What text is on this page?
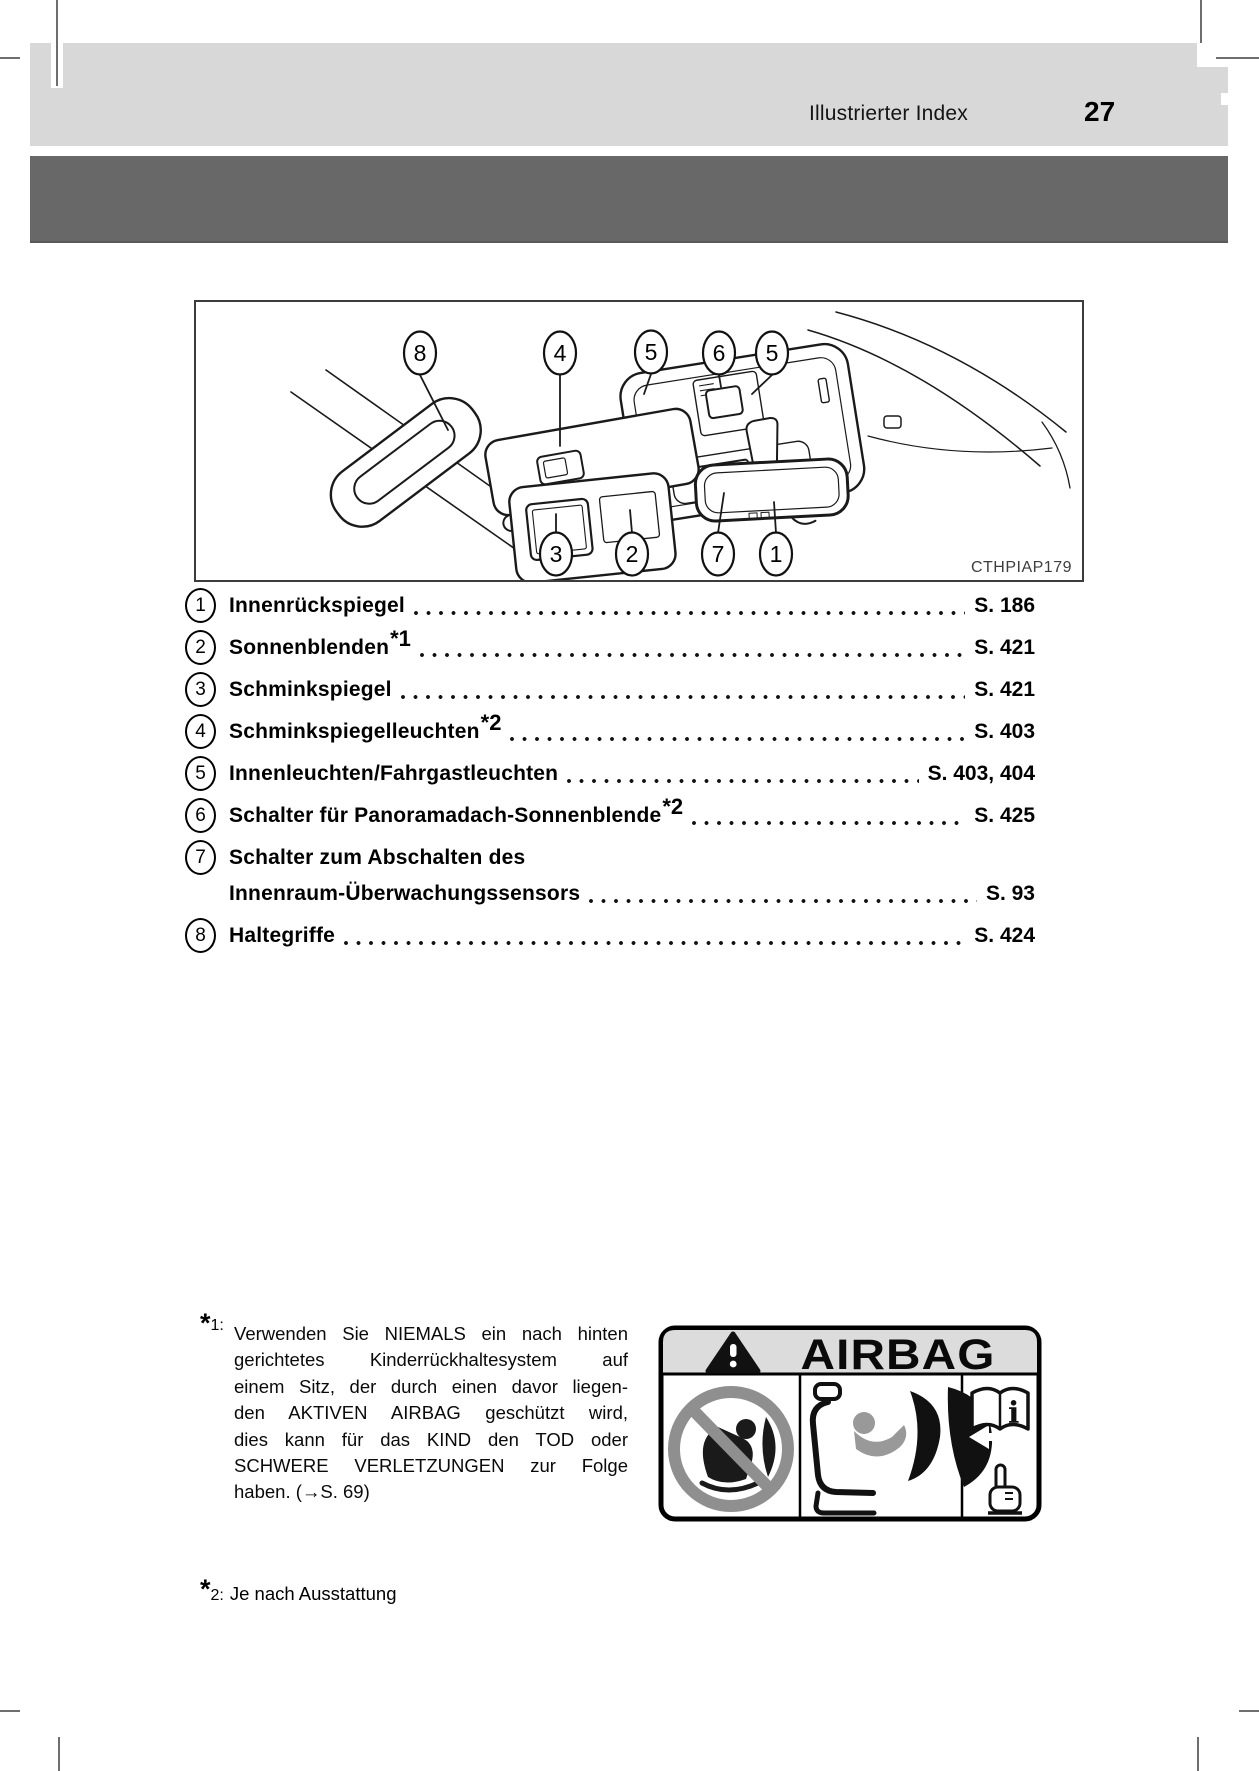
Illustrierter Index	27
8	4	5 6 5
3	2	7 1
CTHPIAP179
1	Innenrückspiegel	S. 186
2	Sonnenblenden *1	S. 421
3	Schminkspiegel	S. 421
4	Schminkspiegelleuchten *2	S. 403
5	Innenleuchten/Fahrgastleuchten	S. 403, 404
6	Schalter für Panoramadach-Sonnenblende *2	S. 425
7	Schalter zum Abschalten des
Innenraum-Überwachungssensors	S. 93
8	Haltegriffe	S. 424
*1: Verwenden Sie NIEMALS ein nach hinten
gerichtetes Kinderrückhaltesystem auf
einem Sitz, der durch einen davor liegen-
den AKTIVEN AIRBAG geschützt wird,
dies kann für das KIND den TOD oder
SCHWERE VERLETZUNGEN zur Folge
haben. (→S. 69)
AIRBAG
i
*2: Je nach Ausstattung
